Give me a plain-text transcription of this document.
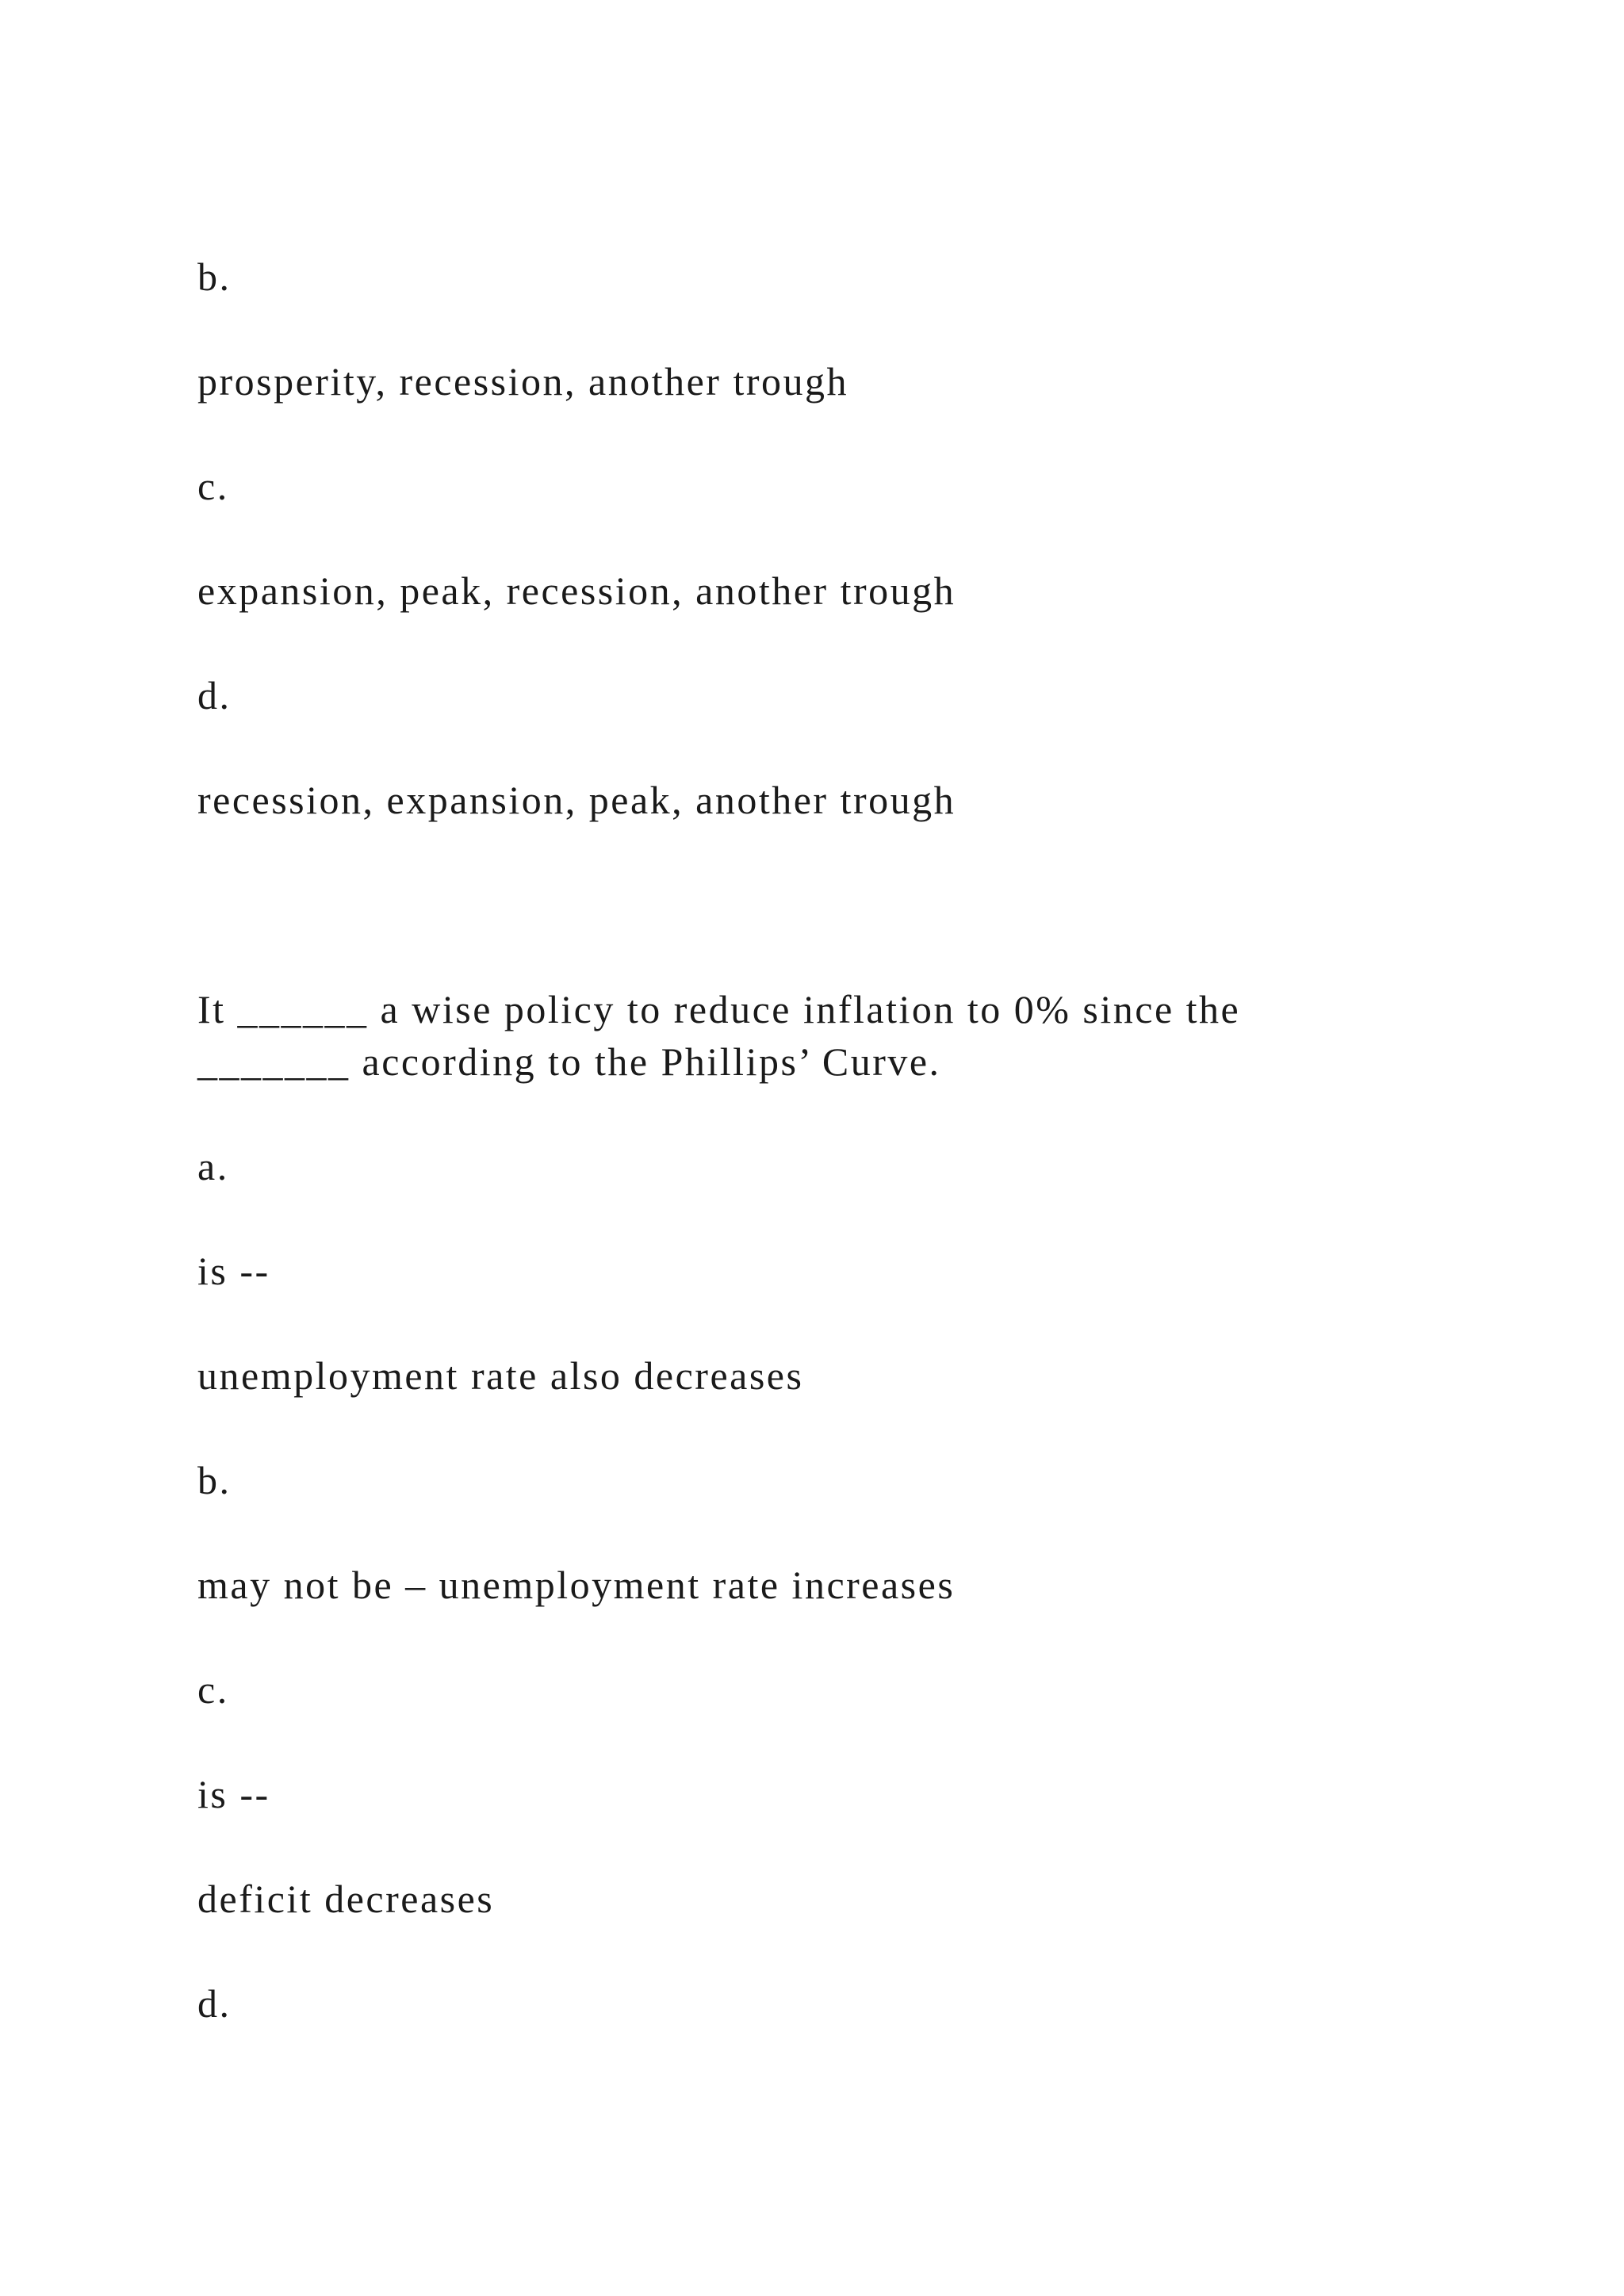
b.

prosperity, recession, another trough

c.

expansion, peak, recession, another trough

d.

recession, expansion, peak, another trough

It ______ a wise policy to reduce inflation to 0% since the

_______ according to the Phillips’ Curve.

a.

is --

unemployment rate also decreases

b.

may not be – unemployment rate increases

c.

is --

deficit decreases

d.
